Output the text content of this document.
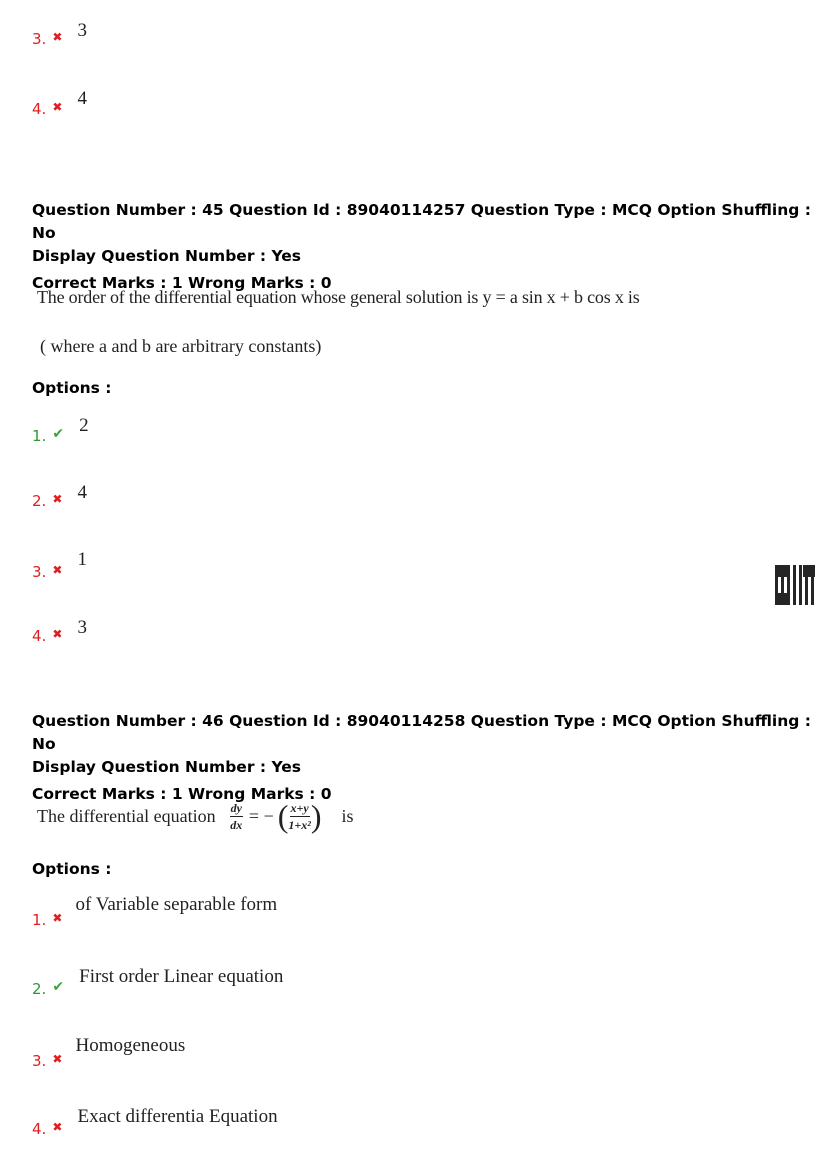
3. ✖ 3
4. ✖ 4
Question Number : 45 Question Id : 89040114257 Question Type : MCQ Option Shuffling : No
Display Question Number : Yes
Correct Marks : 1 Wrong Marks : 0
The order of the differential equation whose general solution is y = a sin x + b cos x is
( where a and b are arbitrary constants)
Options :
1. ✔ 2
2. ✖ 4
3. ✖ 1
4. ✖ 3
Question Number : 46 Question Id : 89040114258 Question Type : MCQ Option Shuffling : No
Display Question Number : Yes
Correct Marks : 1 Wrong Marks : 0
The differential equation $\frac{dy}{dx}$ = − ( $\frac{x+y}{\text{1+x²}}$ ) is
Options :
1. ✖ of Variable separable form
2. ✔ First order Linear equation
3. ✖ Homogeneous
4. ✖ Exact differentia Equation
